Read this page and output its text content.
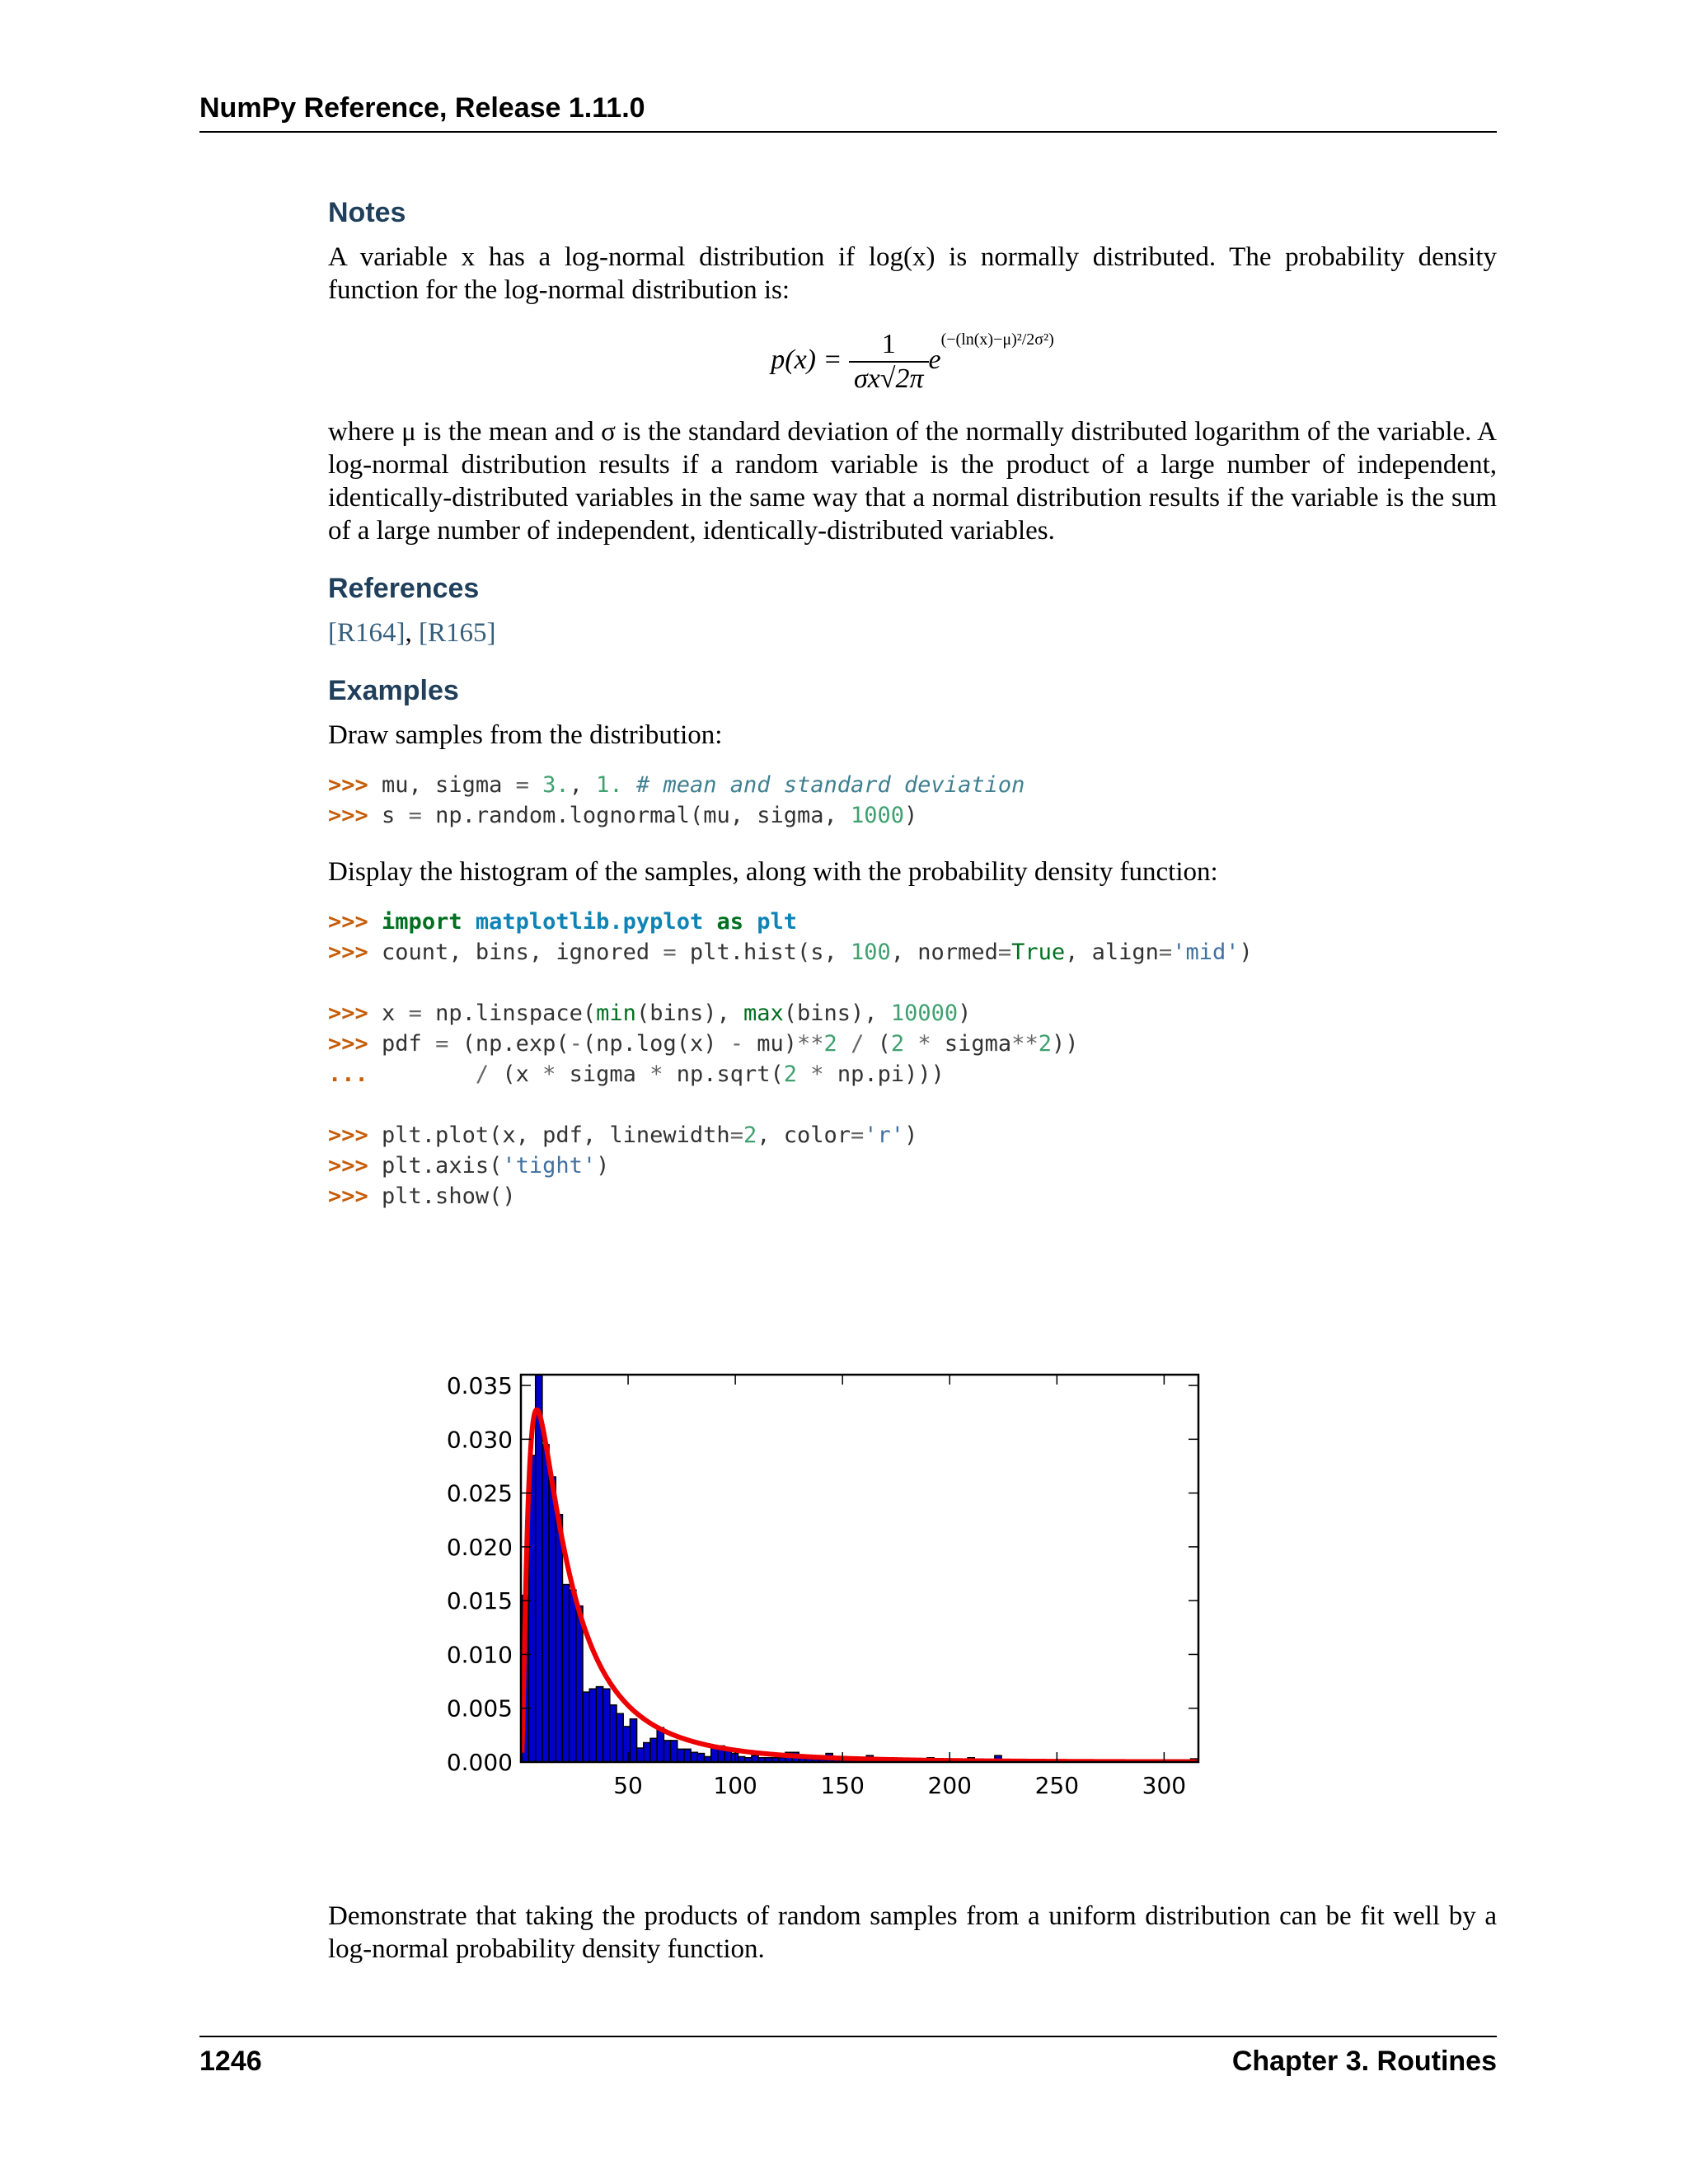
NumPy Reference, Release 1.11.0
Notes

A variable x has a log-normal distribution if log(x) is normally distributed. The probability density function for the log-normal distribution is:

$p(x) = \frac{1}{\sigma x√2\pi} e^{(-(ln(x)-\mu)^2/2\sigma^2)}$

where μ is the mean and σ is the standard deviation of the normally distributed logarithm of the variable. A log-normal distribution results if a random variable is the product of a large number of independent, identically-distributed variables in the same way that a normal distribution results if the variable is the sum of a large number of independent, identically-distributed variables.

References

[R164], [R165]

Examples

Draw samples from the distribution:

>>> mu, sigma = 3., 1. # mean and standard deviation
>>> s = np.random.lognormal(mu, sigma, 1000)

Display the histogram of the samples, along with the probability density function:

>>> import matplotlib.pyplot as plt
>>> count, bins, ignored = plt.hist(s, 100, normed=True, align='mid')
>>> x = np.linspace(min(bins), max(bins), 10000)
>>> pdf = (np.exp(-(np.log(x) - mu)**2 / (2 * sigma**2))
...	/ (x * sigma * np.sqrt(2 * np.pi)))
>>> plt.plot(x, pdf, linewidth=2, color='r')
>>> plt.axis('tight')
>>> plt.show()
50	100	150	200	250	300
0.000
0.005
0.010
0.015
0.020
0.025
0.030
0.035

Demonstrate that taking the products of random samples from a uniform distribution can be fit well by a log-normal probability density function.

1246	Chapter 3. Routines
